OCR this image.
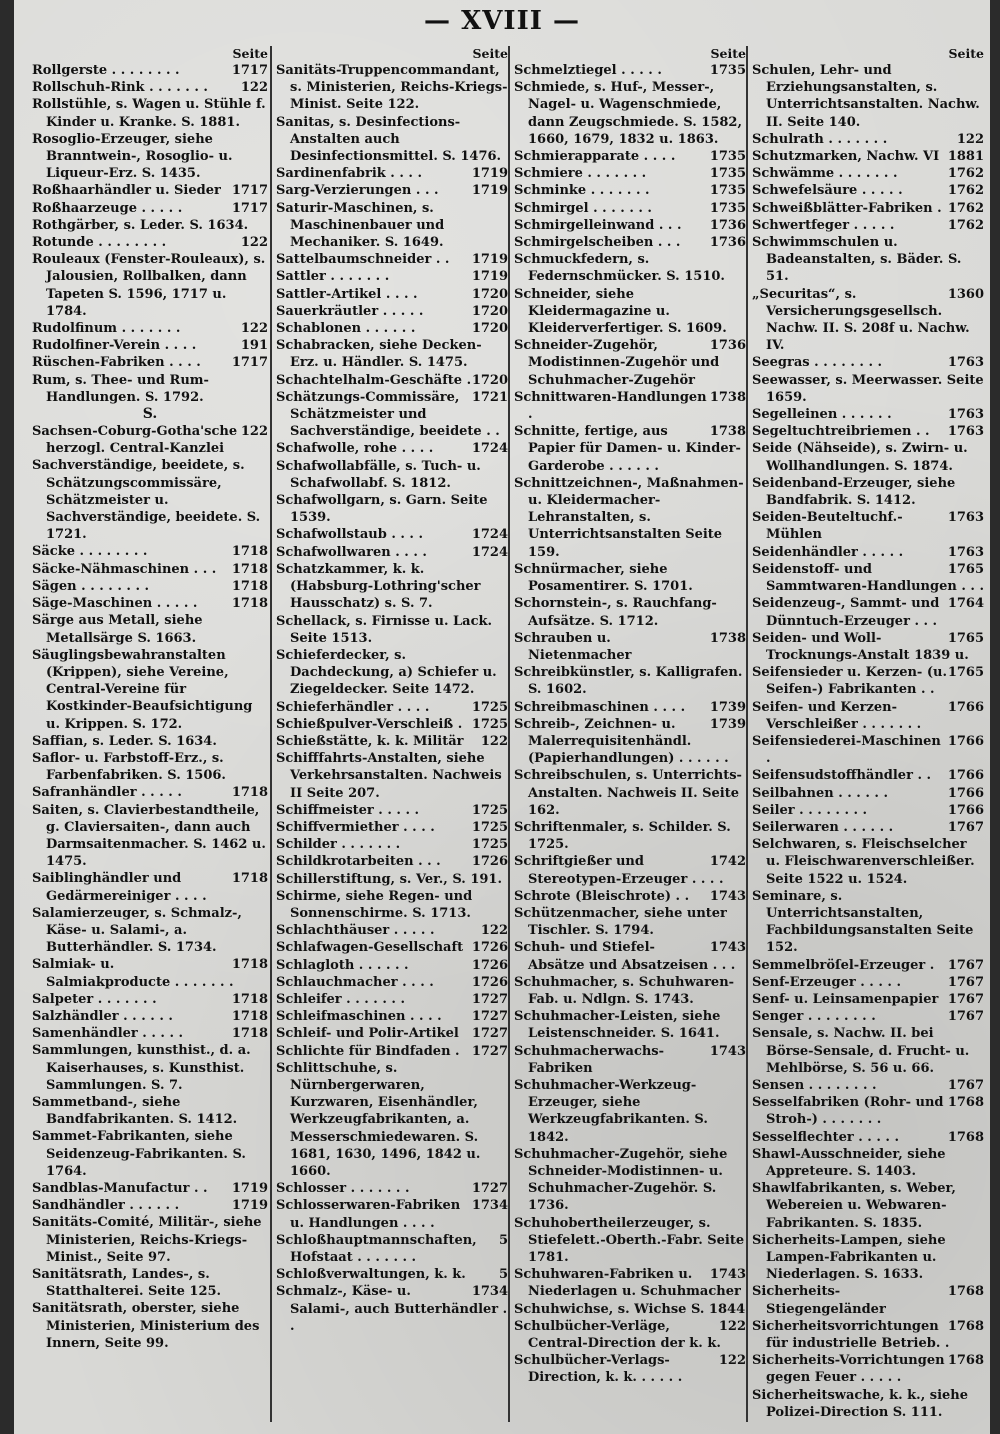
— XVIII —
Seite

1717
Rollgerste . . . . . . . .

122
Rollschuh-Rink . . . . . . .

Rollstühle, s. Wagen u. Stühle f. Kinder u. Kranke. S. 1881.

Rosoglio-Erzeuger, siehe Branntwein-, Rosoglio- u. Liqueur-Erz. S. 1435.

1717
Roßhaarhändler u. Sieder

1717
Roßhaarzeuge . . . . .

Rothgärber, s. Leder. S. 1634.

122
Rotunde . . . . . . . .

Rouleaux (Fenster-Rouleaux), s. Jalousien, Rollbalken, dann Tapeten S. 1596, 1717 u. 1784.

122
Rudolfinum . . . . . . .

191
Rudolfiner-Verein . . . .

1717
Rüschen-Fabriken . . . .

Rum, s. Thee- und Rum-Handlungen. S. 1792.

S.

122
Sachsen-Coburg-Gotha'sche herzogl. Central-Kanzlei

Sachverständige, beeidete, s. Schätzungscommissäre, Schätzmeister u. Sachverständige, beeidete. S. 1721.

1718
Säcke . . . . . . . .

1718
Säcke-Nähmaschinen . . .

1718
Sägen . . . . . . . .

1718
Säge-Maschinen . . . . .

Särge aus Metall, siehe Metallsärge S. 1663.

Säuglingsbewahranstalten (Krippen), siehe Vereine, Central-Vereine für Kostkinder-Beaufsichtigung u. Krippen. S. 172.

Saffian, s. Leder. S. 1634.

Saflor- u. Farbstoff-Erz., s. Farbenfabriken. S. 1506.

1718
Safranhändler . . . . .

Saiten, s. Clavierbestandtheile, g. Claviersaiten-, dann auch Darmsaitenmacher. S. 1462 u. 1475.

1718
Saiblinghändler und Gedärmereiniger . . . .

Salamierzeuger, s. Schmalz-, Käse- u. Salami-, a. Butterhändler. S. 1734.

1718
Salmiak- u. Salmiakproducte . . . . . . .

1718
Salpeter . . . . . . .

1718
Salzhändler . . . . . .

1718
Samenhändler . . . . .

Sammlungen, kunsthist., d. a. Kaiserhauses, s. Kunsthist. Sammlungen. S. 7.

Sammetband-, siehe Bandfabrikanten. S. 1412.

Sammet-Fabrikanten, siehe Seidenzeug-Fabrikanten. S. 1764.

1719
Sandblas-Manufactur . .

1719
Sandhändler . . . . . .

Sanitäts-Comité, Militär-, siehe Ministerien, Reichs-Kriegs-Minist., Seite 97.

Sanitätsrath, Landes-, s. Statthalterei. Seite 125.

Sanitätsrath, oberster, siehe Ministerien, Ministerium des Innern, Seite 99.

Seite

Sanitäts-Truppencommandant, s. Ministerien, Reichs-Kriegs-Minist. Seite 122.

Sanitas, s. Desinfections-Anstalten auch Desinfectionsmittel. S. 1476.

1719
Sardinenfabrik . . . .

1719
Sarg-Verzierungen . . .

Saturir-Maschinen, s. Maschinenbauer und Mechaniker. S. 1649.

1719
Sattelbaumschneider . .

1719
Sattler . . . . . . .

1720
Sattler-Artikel . . . .

1720
Sauerkräutler . . . . .

1720
Schablonen . . . . . .

Schabracken, siehe Decken-Erz. u. Händler. S. 1475.

1720
Schachtelhalm-Geschäfte .

1721
Schätzungs-Commissäre, Schätzmeister und Sachverständige, beeidete . .

1724
Schafwolle, rohe . . . .

Schafwollabfälle, s. Tuch- u. Schafwollabf. S. 1812.

Schafwollgarn, s. Garn. Seite 1539.

1724
Schafwollstaub . . . .

1724
Schafwollwaren . . . .

Schatzkammer, k. k. (Habsburg-Lothring'scher Hausschatz) s. S. 7.

Schellack, s. Firnisse u. Lack. Seite 1513.

Schieferdecker, s. Dachdeckung, a) Schiefer u. Ziegeldecker. Seite 1472.

1725
Schieferhändler . . . .

1725
Schießpulver-Verschleiß .

122
Schießstätte, k. k. Militär

Schifffahrts-Anstalten, siehe Verkehrsanstalten. Nachweis II Seite 207.

1725
Schiffmeister . . . . .

1725
Schiffvermiether . . . .

1725
Schilder . . . . . . .

1726
Schildkrotarbeiten . . .

Schillerstiftung, s. Ver., S. 191.

Schirme, siehe Regen- und Sonnenschirme. S. 1713.

122
Schlachthäuser . . . . .

1726
Schlafwagen-Gesellschaft

1726
Schlagloth . . . . . .

1726
Schlauchmacher . . . .

1727
Schleifer . . . . . . .

1727
Schleifmaschinen . . . .

1727
Schleif- und Polir-Artikel

1727
Schlichte für Bindfaden .

Schlittschuhe, s. Nürnbergerwaren, Kurzwaren, Eisenhändler, Werkzeugfabrikanten, a. Messerschmiedewaren. S. 1681, 1630, 1496, 1842 u. 1660.

1727
Schlosser . . . . . . .

1734
Schlosserwaren-Fabriken u. Handlungen . . . .

5
Schloßhauptmannschaften, Hofstaat . . . . . . .

5
Schloßverwaltungen, k. k.

1734
Schmalz-, Käse- u. Salami-, auch Butterhändler . .

Seite

1735
Schmelztiegel . . . . .

Schmiede, s. Huf-, Messer-, Nagel- u. Wagenschmiede, dann Zeugschmiede. S. 1582, 1660, 1679, 1832 u. 1863.

1735
Schmierapparate . . . .

1735
Schmiere . . . . . . .

1735
Schminke . . . . . . .

1735
Schmirgel . . . . . . .

1736
Schmirgelleinwand . . .

1736
Schmirgelscheiben . . .

Schmuckfedern, s. Federnschmücker. S. 1510.

Schneider, siehe Kleidermagazine u. Kleiderverfertiger. S. 1609.

1736
Schneider-Zugehör, Modistinnen-Zugehör und Schuhmacher-Zugehör

1738
Schnittwaren-Handlungen .

1738
Schnitte, fertige, aus Papier für Damen- u. Kinder-Garderobe . . . . . .

Schnittzeichnen-, Maßnahmen- u. Kleidermacher-Lehranstalten, s. Unterrichtsanstalten Seite 159.

Schnürmacher, siehe Posamentirer. S. 1701.

Schornstein-, s. Rauchfang-Aufsätze. S. 1712.

1738
Schrauben u. Nietenmacher

Schreibkünstler, s. Kalligrafen. S. 1602.

1739
Schreibmaschinen . . . .

1739
Schreib-, Zeichnen- u. Malerrequisitenhändl. (Papierhandlungen) . . . . . .

Schreibschulen, s. Unterrichts-Anstalten. Nachweis II. Seite 162.

Schriftenmaler, s. Schilder. S. 1725.

1742
Schriftgießer und Stereotypen-Erzeuger . . . .

1743
Schrote (Bleischrote) . .

Schützenmacher, siehe unter Tischler. S. 1794.

1743
Schuh- und Stiefel-Absätze und Absatzeisen . . .

Schuhmacher, s. Schuhwaren-Fab. u. Ndlgn. S. 1743.

Schuhmacher-Leisten, siehe Leistenschneider. S. 1641.

1743
Schuhmacherwachs-Fabriken

Schuhmacher-Werkzeug-Erzeuger, siehe Werkzeugfabrikanten. S. 1842.

Schuhmacher-Zugehör, siehe Schneider-Modistinnen- u. Schuhmacher-Zugehör. S. 1736.

Schuhobertheilerzeuger, s. Stiefelett.-Oberth.-Fabr. Seite 1781.

1743
Schuhwaren-Fabriken u. Niederlagen u. Schuhmacher

Schuhwichse, s. Wichse S. 1844

122
Schulbücher-Verläge, Central-Direction der k. k.

122
Schulbücher-Verlags-Direction, k. k. . . . . .

Seite

Schulen, Lehr- und Erziehungsanstalten, s. Unterrichtsanstalten. Nachw. II. Seite 140.

122
Schulrath . . . . . . .

1881
Schutzmarken, Nachw. VI

1762
Schwämme . . . . . . .

1762
Schwefelsäure . . . . .

1762
Schweißblätter-Fabriken .

1762
Schwertfeger . . . . .

Schwimmschulen u. Badeanstalten, s. Bäder. S. 51.

1360
„Securitas“, s. Versicherungsgesellsch. Nachw. II. S. 208f u. Nachw. IV.

1763
Seegras . . . . . . . .

Seewasser, s. Meerwasser. Seite 1659.

1763
Segelleinen . . . . . .

1763
Segeltuchtreibriemen . .

Seide (Nähseide), s. Zwirn- u. Wollhandlungen. S. 1874.

Seidenband-Erzeuger, siehe Bandfabrik. S. 1412.

1763
Seiden-Beuteltuchf.-Mühlen

1763
Seidenhändler . . . . .

1765
Seidenstoff- und Sammtwaren-Handlungen . . .

1764
Seidenzeug-, Sammt- und Dünntuch-Erzeuger . . .

1765
Seiden- und Woll-Trocknungs-Anstalt 1839 u.

1765
Seifensieder u. Kerzen- (u. Seifen-) Fabrikanten . .

1766
Seifen- und Kerzen-Verschleißer . . . . . . .

1766
Seifensiederei-Maschinen .

1766
Seifensudstoffhändler . .

1766
Seilbahnen . . . . . .

1766
Seiler . . . . . . . .

1767
Seilerwaren . . . . . .

Selchwaren, s. Fleischselcher u. Fleischwarenverschleißer. Seite 1522 u. 1524.

Seminare, s. Unterrichtsanstalten, Fachbildungsanstalten Seite 152.

1767
Semmelbröſel-Erzeuger .

1767
Senf-Erzeuger . . . . .

1767
Senf- u. Leinsamenpapier

1767
Senger . . . . . . . .

Sensale, s. Nachw. II. bei Börse-Sensale, d. Frucht- u. Mehlbörse, S. 56 u. 66.

1767
Sensen . . . . . . . .

1768
Sesselfabriken (Rohr- und Stroh-) . . . . . . .

1768
Sesselflechter . . . . .

Shawl-Ausschneider, siehe Appreteure. S. 1403.

Shawlfabrikanten, s. Weber, Webereien u. Webwaren-Fabrikanten. S. 1835.

Sicherheits-Lampen, siehe Lampen-Fabrikanten u. Niederlagen. S. 1633.

1768
Sicherheits-Stiegengeländer

1768
Sicherheitsvorrichtungen für industrielle Betrieb. .

1768
Sicherheits-Vorrichtungen gegen Feuer . . . . .

Sicherheitswache, k. k., siehe Polizei-Direction S. 111.
